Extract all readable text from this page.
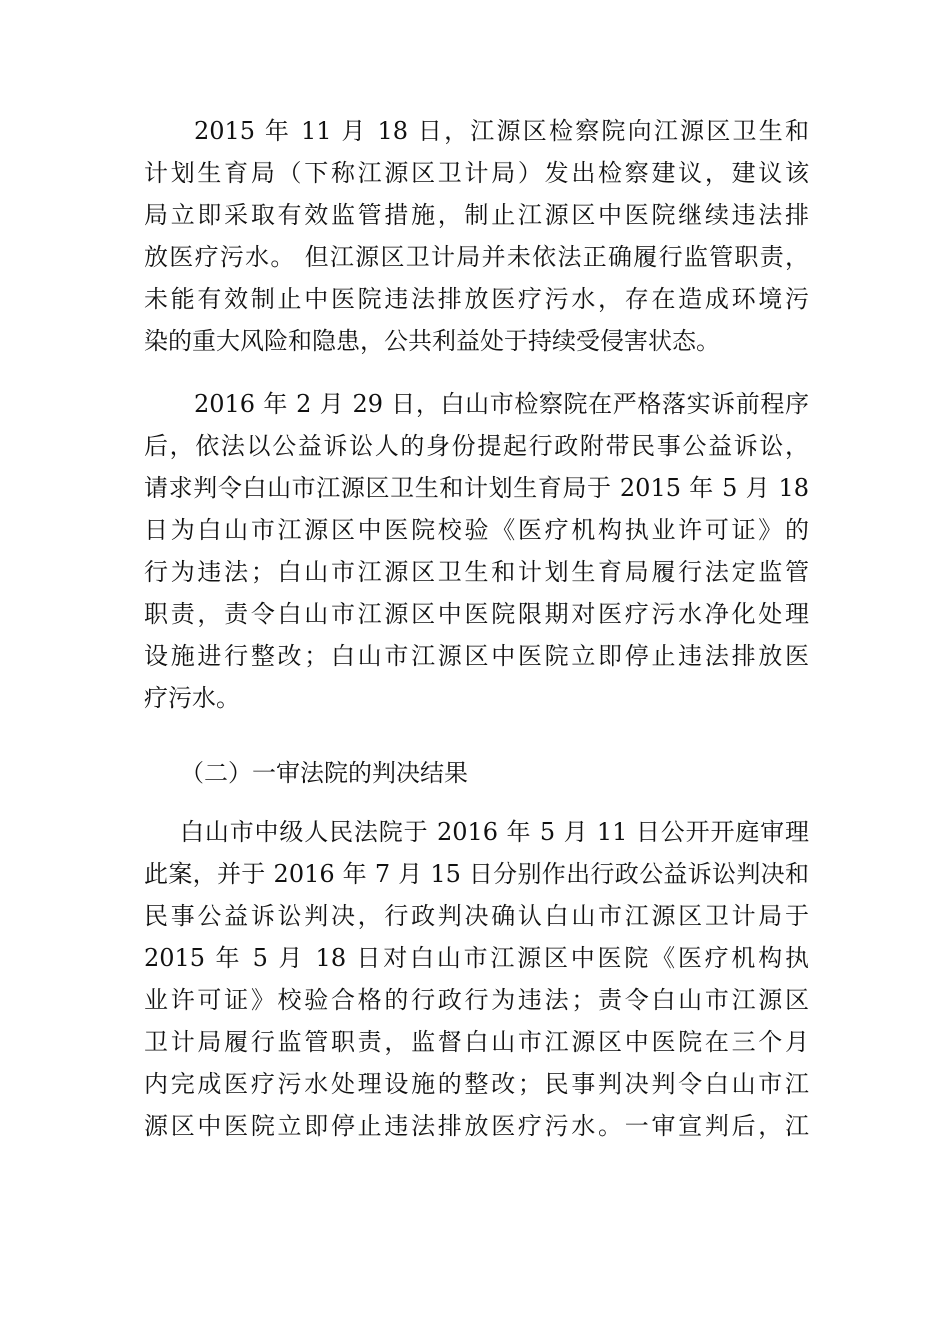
2015 年 11 月 18 日，江源区检察院向江源区卫生和
计划生育局（下称江源区卫计局）发出检察建议，建议该
局立即采取有效监管措施，制止江源区中医院继续违法排
放医疗污水。 但江源区卫计局并未依法正确履行监管职责，
未能有效制止中医院违法排放医疗污水，存在造成环境污
染的重大风险和隐患，公共利益处于持续受侵害状态。
2016 年 2 月 29 日，白山市检察院在严格落实诉前程序
后，依法以公益诉讼人的身份提起行政附带民事公益诉讼，
请求判令白山市江源区卫生和计划生育局于 2015 年 5 月 18
日为白山市江源区中医院校验《医疗机构执业许可证》的
行为违法；白山市江源区卫生和计划生育局履行法定监管
职责，责令白山市江源区中医院限期对医疗污水净化处理
设施进行整改；白山市江源区中医院立即停止违法排放医
疗污水。
（二）一审法院的判决结果
白山市中级人民法院于 2016 年 5 月 11 日公开开庭审理
此案，并于 2016 年 7 月 15 日分别作出行政公益诉讼判决和
民事公益诉讼判决，行政判决确认白山市江源区卫计局于
2015 年 5 月 18 日对白山市江源区中医院《医疗机构执
业许可证》校验合格的行政行为违法；责令白山市江源区
卫计局履行监管职责，监督白山市江源区中医院在三个月
内完成医疗污水处理设施的整改；民事判决判令白山市江
源区中医院立即停止违法排放医疗污水。一审宣判后，江
